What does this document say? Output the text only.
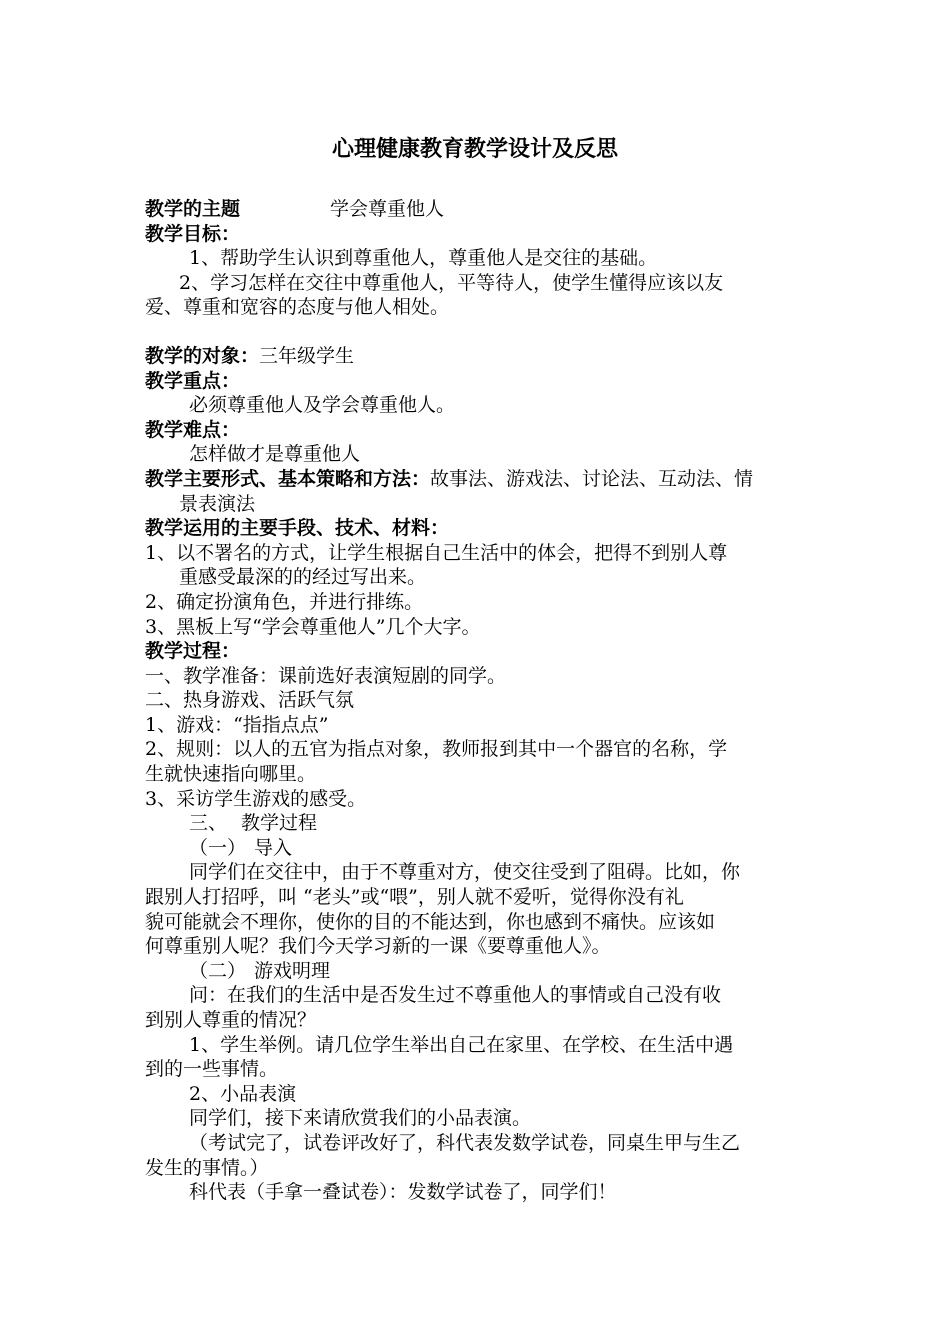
心理健康教育教学设计及反思
教学的主题	学会尊重他人
教学目标：
1、帮助学生认识到尊重他人，尊重他人是交往的基础。
2、学习怎样在交往中尊重他人，平等待人，使学生懂得应该以友
爱、尊重和宽容的态度与他人相处。
教学的对象：三年级学生
教学重点：
必须尊重他人及学会尊重他人。
教学难点：
怎样做才是尊重他人
教学主要形式、基本策略和方法：故事法、游戏法、讨论法、互动法、情
景表演法
教学运用的主要手段、技术、材料：
1、以不署名的方式，让学生根据自己生活中的体会，把得不到别人尊
重感受最深的的经过写出来。
2、确定扮演角色，并进行排练。
3、黑板上写“学会尊重他人”几个大字。
教学过程：
一、教学准备：课前选好表演短剧的同学。
二、热身游戏、活跃气氛
1、游戏：“指指点点”
2、规则：以人的五官为指点对象，教师报到其中一个器官的名称，学
生就快速指向哪里。
3、采访学生游戏的感受。
三、 教学过程
（一） 导入
同学们在交往中，由于不尊重对方，使交往受到了阻碍。比如，你
跟别人打招呼，叫 “老头”或“喂”，别人就不爱听，觉得你没有礼
貌可能就会不理你，使你的目的不能达到，你也感到不痛快。应该如
何尊重别人呢？我们今天学习新的一课《要尊重他人》。
（二） 游戏明理
问：在我们的生活中是否发生过不尊重他人的事情或自己没有收
到别人尊重的情况？
1、学生举例。请几位学生举出自己在家里、在学校、在生活中遇
到的一些事情。
2、小品表演
同学们，接下来请欣赏我们的小品表演。
（考试完了，试卷评改好了，科代表发数学试卷，同桌生甲与生乙
发生的事情。）
科代表（手拿一叠试卷）：发数学试卷了，同学们！
